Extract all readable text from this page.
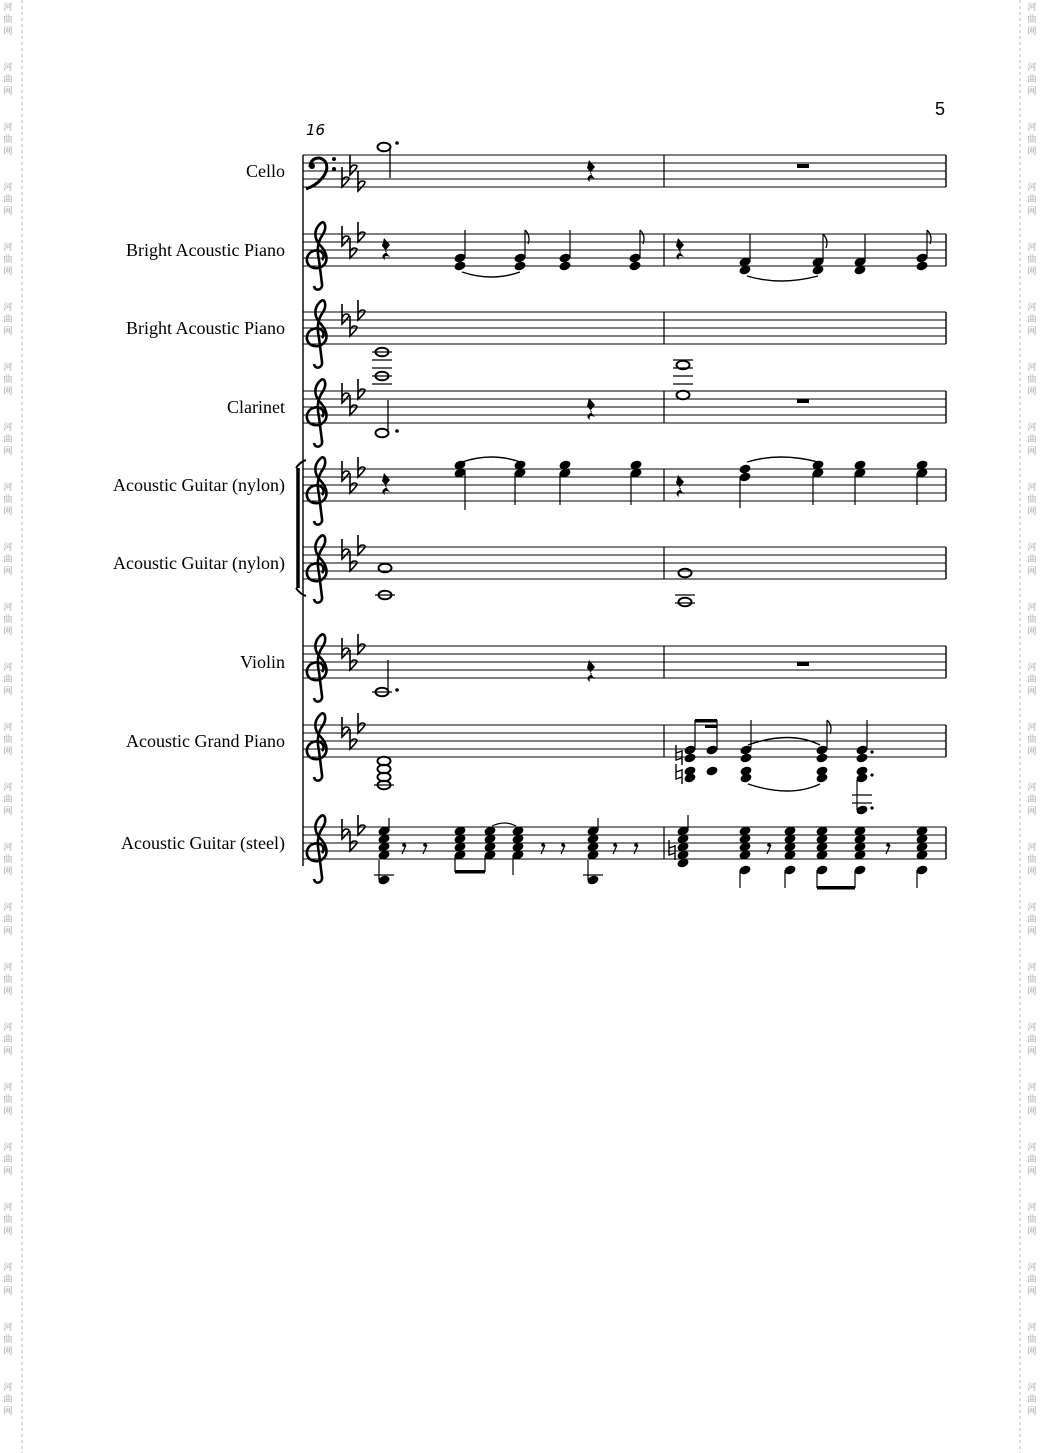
河
曲
网
河
曲
网
河
曲
网
河
曲
网
河
曲
网
河
曲
网
河
曲
网
河
曲
网
河
曲
网
河
曲
网
河
曲
网
河
曲
网
河
曲
网
河
曲
网
河
曲
网
河
曲
网
河
曲
网
河
曲
网
河
曲
网
河
曲
网
河
曲
网
河
曲
网
河
曲
网
河
曲
网
河
曲
网
河
曲
网
河
曲
网
河
曲
网
河
曲
网
河
曲
网
河
曲
网
河
曲
网
河
曲
网
河
曲
网
河
曲
网
河
曲
网
河
曲
网
河
曲
网
河
曲
网
河
曲
网
河
曲
网
河
曲
网
河
曲
网
河
曲
网
河
曲
网
河
曲
网
河
曲
网
河
曲
网
5
16
Cello
Bright Acoustic Piano
Bright Acoustic Piano
Clarinet
Acoustic Guitar (nylon)
Acoustic Guitar (nylon)
Violin
Acoustic Grand Piano
Acoustic Guitar (steel)
